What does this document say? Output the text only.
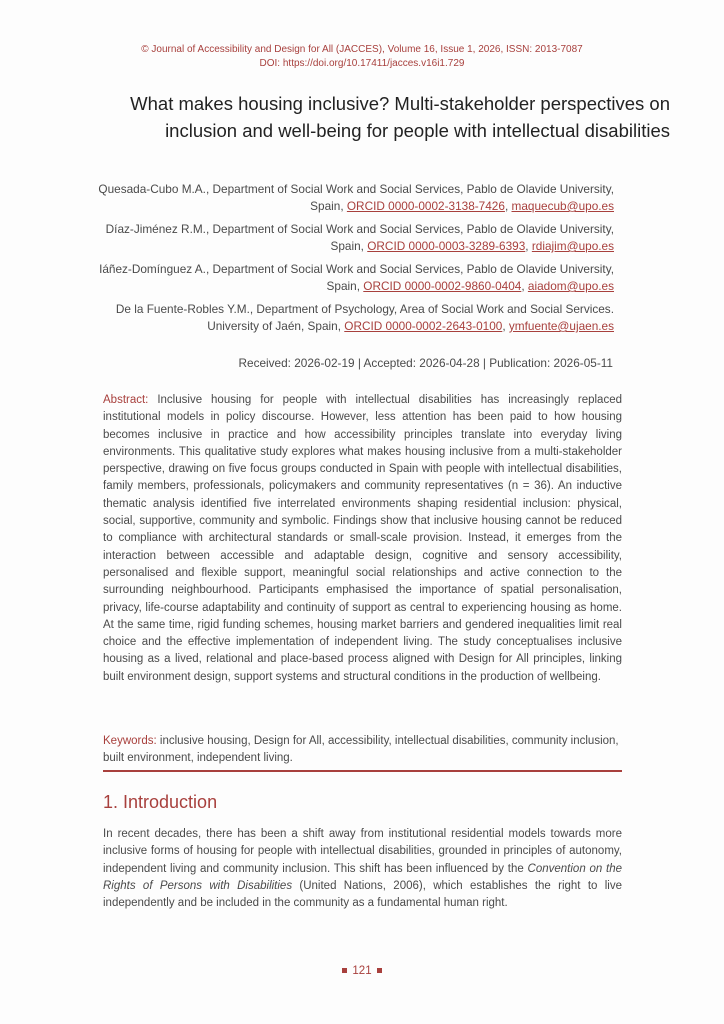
© Journal of Accessibility and Design for All (JACCES), Volume 16, Issue 1, 2026, ISSN: 2013-7087
DOI: https://doi.org/10.17411/jacces.v16i1.729
What makes housing inclusive? Multi-stakeholder perspectives on inclusion and well-being for people with intellectual disabilities
Quesada-Cubo M.A., Department of Social Work and Social Services, Pablo de Olavide University, Spain, ORCID 0000-0002-3138-7426, maquecub@upo.es
Díaz-Jiménez R.M., Department of Social Work and Social Services, Pablo de Olavide University, Spain, ORCID 0000-0003-3289-6393, rdiajim@upo.es
Iáñez-Domínguez A., Department of Social Work and Social Services, Pablo de Olavide University, Spain, ORCID 0000-0002-9860-0404, aiadom@upo.es
De la Fuente-Robles Y.M., Department of Psychology, Area of Social Work and Social Services. University of Jaén, Spain, ORCID 0000-0002-2643-0100, ymfuente@ujaen.es
Received: 2026-02-19 | Accepted: 2026-04-28 | Publication: 2026-05-11
Abstract: Inclusive housing for people with intellectual disabilities has increasingly replaced institutional models in policy discourse. However, less attention has been paid to how housing becomes inclusive in practice and how accessibility principles translate into everyday living environments. This qualitative study explores what makes housing inclusive from a multi-stakeholder perspective, drawing on five focus groups conducted in Spain with people with intellectual disabilities, family members, professionals, policymakers and community representatives (n = 36). An inductive thematic analysis identified five interrelated environments shaping residential inclusion: physical, social, supportive, community and symbolic. Findings show that inclusive housing cannot be reduced to compliance with architectural standards or small-scale provision. Instead, it emerges from the interaction between accessible and adaptable design, cognitive and sensory accessibility, personalised and flexible support, meaningful social relationships and active connection to the surrounding neighbourhood. Participants emphasised the importance of spatial personalisation, privacy, life-course adaptability and continuity of support as central to experiencing housing as home. At the same time, rigid funding schemes, housing market barriers and gendered inequalities limit real choice and the effective implementation of independent living. The study conceptualises inclusive housing as a lived, relational and place-based process aligned with Design for All principles, linking built environment design, support systems and structural conditions in the production of wellbeing.
Keywords: inclusive housing, Design for All, accessibility, intellectual disabilities, community inclusion, built environment, independent living.
1. Introduction
In recent decades, there has been a shift away from institutional residential models towards more inclusive forms of housing for people with intellectual disabilities, grounded in principles of autonomy, independent living and community inclusion. This shift has been influenced by the Convention on the Rights of Persons with Disabilities (United Nations, 2006), which establishes the right to live independently and be included in the community as a fundamental human right.
121
